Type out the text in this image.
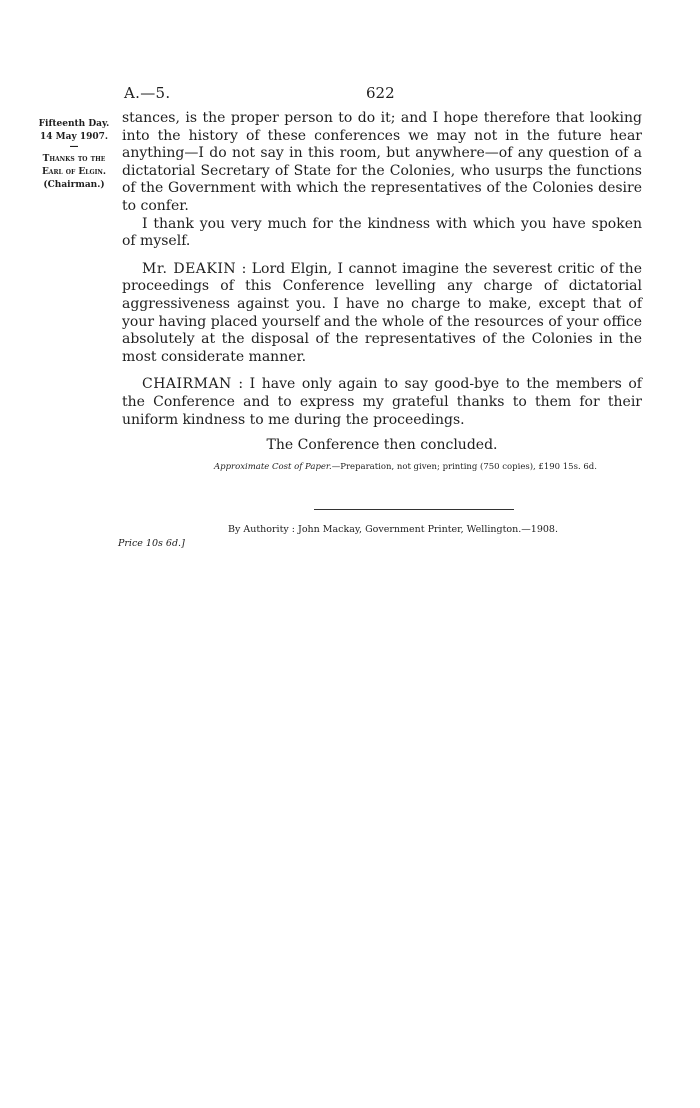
A.—5.	622
Fifteenth Day.
14 May 1907.
—
Thanks to the
Earl of Elgin.
(Chairman.)

stances, is the proper person to do it; and I hope therefore that looking into the history of these conferences we may not in the future hear anything—I do not say in this room, but anywhere—of any question of a dictatorial Secretary of State for the Colonies, who usurps the functions of the Government with which the representatives of the Colonies desire to confer.

I thank you very much for the kindness with which you have spoken of myself.

Mr. DEAKIN : Lord Elgin, I cannot imagine the severest critic of the proceedings of this Conference levelling any charge of dictatorial aggressiveness against you. I have no charge to make, except that of your having placed yourself and the whole of the resources of your office absolutely at the disposal of the representatives of the Colonies in the most considerate manner.

CHAIRMAN : I have only again to say good-bye to the members of the Conference and to express my grateful thanks to them for their uniform kindness to me during the proceedings.

The Conference then concluded.

Approximate Cost of Paper.—Preparation, not given; printing (750 copies), £190 15s. 6d.
By Authority : John Mackay, Government Printer, Wellington.—1908.
Price 10s 6d.]
